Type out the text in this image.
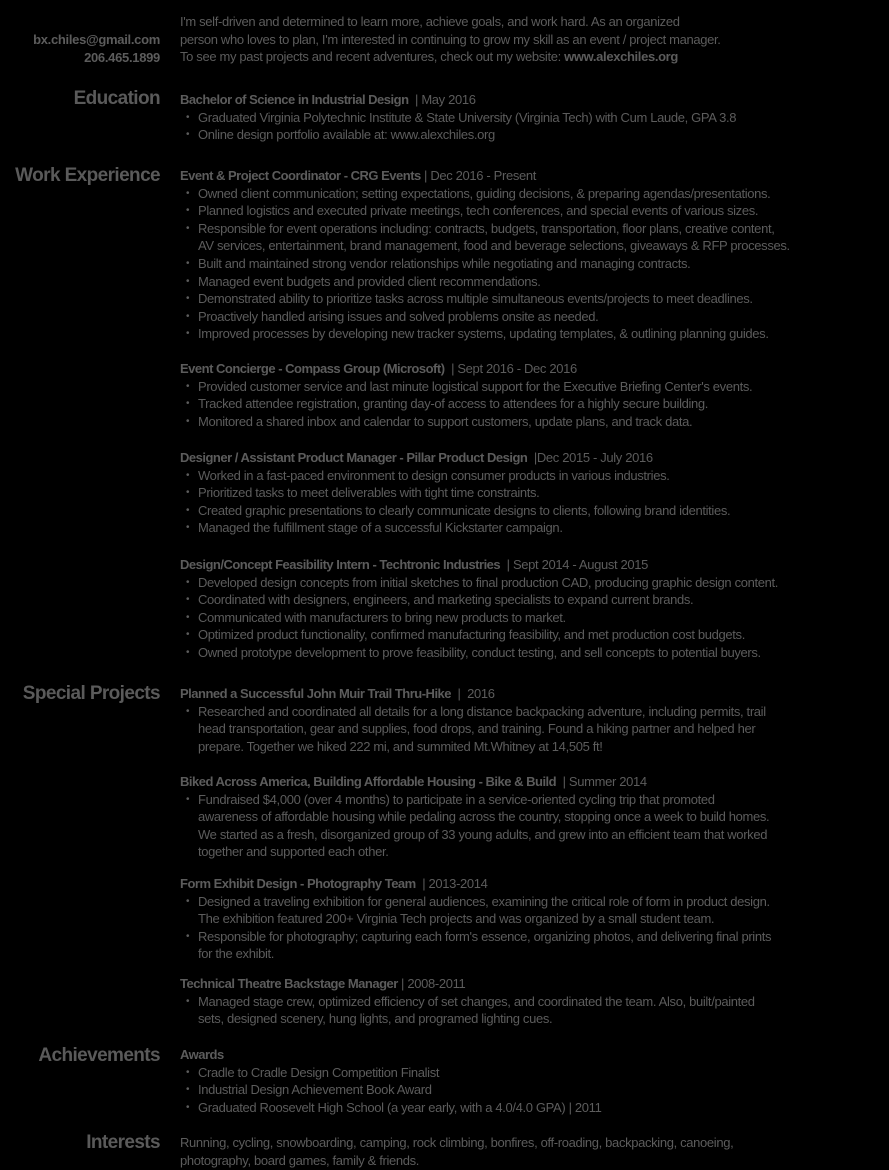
bx.chiles@gmail.com
206.465.1899
I'm self-driven and determined to learn more, achieve goals, and work hard. As an organized
person who loves to plan, I'm interested in continuing to grow my skill as an event / project manager.
To see my past projects and recent adventures, check out my website: www.alexchiles.org
Education Bachelor of Science in Industrial Design  | May 2016
• Graduated Virginia Polytechnic Institute & State University (Virginia Tech) with Cum Laude, GPA 3.8
• Online design portfolio available at: www.alexchiles.org
Work Experience Event & Project Coordinator - CRG Events | Dec 2016 - Present
• Owned client communication; setting expectations, guiding decisions, & preparing agendas/presentations.
• Planned logistics and executed private meetings, tech conferences, and special events of various sizes.
• Responsible for event operations including: contracts, budgets, transportation, floor plans, creative content,
AV services, entertainment, brand management, food and beverage selections, giveaways & RFP processes.
• Built and maintained strong vendor relationships while negotiating and managing contracts.
• Managed event budgets and provided client recommendations.
• Demonstrated ability to prioritize tasks across multiple simultaneous events/projects to meet deadlines.
• Proactively handled arising issues and solved problems onsite as needed.
• Improved processes by developing new tracker systems, updating templates, & outlining planning guides.
Event Concierge - Compass Group (Microsoft)  | Sept 2016 - Dec 2016
• Provided customer service and last minute logistical support for the Executive Briefing Center's events.
• Tracked attendee registration, granting day-of access to attendees for a highly secure building.
• Monitored a shared inbox and calendar to support customers, update plans, and track data.
Designer / Assistant Product Manager - Pillar Product Design  |Dec 2015 - July 2016
• Worked in a fast-paced environment to design consumer products in various industries.
• Prioritized tasks to meet deliverables with tight time constraints.
• Created graphic presentations to clearly communicate designs to clients, following brand identities.
• Managed the fulfillment stage of a successful Kickstarter campaign.
Design/Concept Feasibility Intern - Techtronic Industries  | Sept 2014 - August 2015
• Developed design concepts from initial sketches to final production CAD, producing graphic design content.
• Coordinated with designers, engineers, and marketing specialists to expand current brands.
• Communicated with manufacturers to bring new products to market.
• Optimized product functionality, confirmed manufacturing feasibility, and met production cost budgets.
• Owned prototype development to prove feasibility, conduct testing, and sell concepts to potential buyers.
Special Projects Planned a Successful John Muir Trail Thru-Hike  |  2016
• Researched and coordinated all details for a long distance backpacking adventure, including permits, trail
head transportation, gear and supplies, food drops, and training. Found a hiking partner and helped her
prepare. Together we hiked 222 mi, and summited Mt.Whitney at 14,505 ft!
Biked Across America, Building Affordable Housing - Bike & Build  | Summer 2014
• Fundraised $4,000 (over 4 months) to participate in a service-oriented cycling trip that promoted
awareness of affordable housing while pedaling across the country, stopping once a week to build homes.
We started as a fresh, disorganized group of 33 young adults, and grew into an efficient team that worked
together and supported each other.
Form Exhibit Design - Photography Team  | 2013-2014
• Designed a traveling exhibition for general audiences, examining the critical role of form in product design.
The exhibition featured 200+ Virginia Tech projects and was organized by a small student team.
• Responsible for photography; capturing each form's essence, organizing photos, and delivering final prints
for the exhibit.
Technical Theatre Backstage Manager | 2008-2011
• Managed stage crew, optimized efficiency of set changes, and coordinated the team. Also, built/painted
sets, designed scenery, hung lights, and programed lighting cues.
Achievements Awards
• Cradle to Cradle Design Competition Finalist
• Industrial Design Achievement Book Award
• Graduated Roosevelt High School (a year early, with a 4.0/4.0 GPA) | 2011
Interests Running, cycling, snowboarding, camping, rock climbing, bonfires, off-roading, backpacking, canoeing,
photography, board games, family & friends.
